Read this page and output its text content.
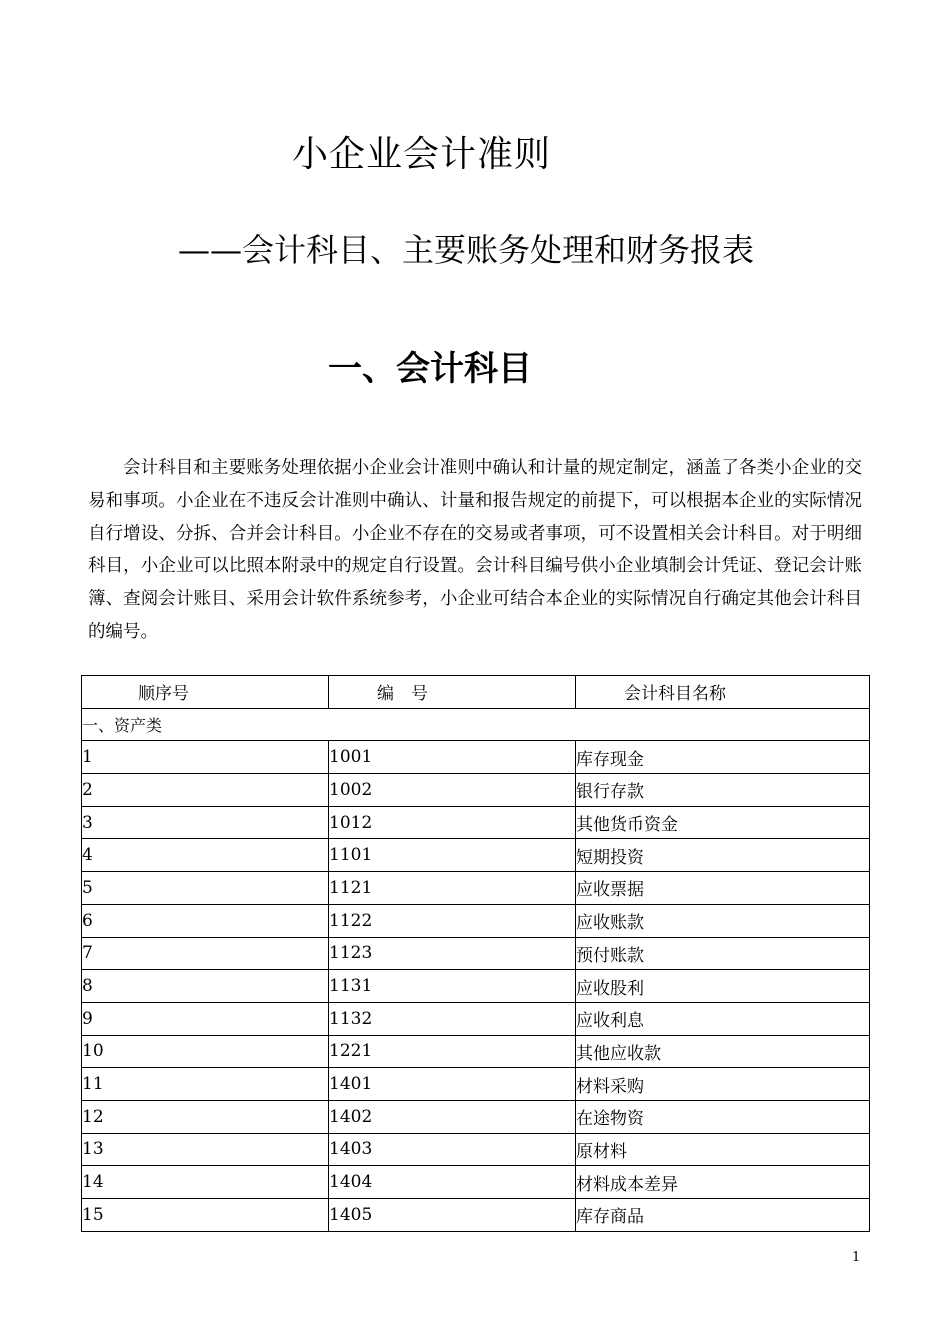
小企业会计准则
——会计科目、主要账务处理和财务报表
一、会计科目

会计科目和主要账务处理依据小企业会计准则中确认和计量的规定制定，涵盖了各类小企业的交易和事项。小企业在不违反会计准则中确认、计量和报告规定的前提下，可以根据本企业的实际情况自行增设、分拆、合并会计科目。小企业不存在的交易或者事项，可不设置相关会计科目。对于明细科目，小企业可以比照本附录中的规定自行设置。会计科目编号供小企业填制会计凭证、登记会计账簿、查阅会计账目、采用会计软件系统参考，小企业可结合本企业的实际情况自行确定其他会计科目的编号。

顺序号	编　号	会计科目名称
一、资产类		
1	1001	库存现金
2	1002	银行存款
3	1012	其他货币资金
4	1101	短期投资
5	1121	应收票据
6	1122	应收账款
7	1123	预付账款
8	1131	应收股利
9	1132	应收利息
10	1221	其他应收款
11	1401	材料采购
12	1402	在途物资
13	1403	原材料
14	1404	材料成本差异
15	1405	库存商品
1
